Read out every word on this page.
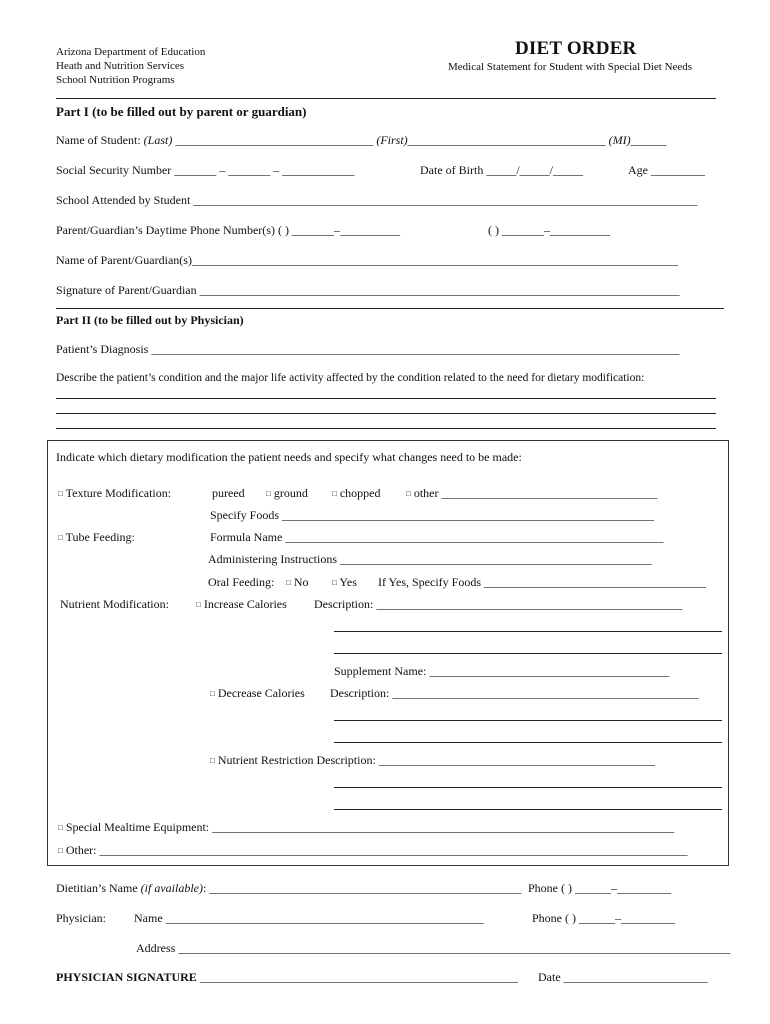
Arizona Department of Education
Heath and Nutrition Services
School Nutrition Programs
DIET ORDER
Medical Statement for Student with Special Diet Needs
Part I (to be filled out by parent or guardian)
Name of Student: (Last) _________________________________ (First)_________________________________ (MI)______
Social Security Number _______ – _______ – ____________	Date of Birth _____/_____/_____	Age _________
School Attended by Student ____________________________________________________________________________________
Parent/Guardian’s Daytime Phone Number(s) ( ) _______–__________	( ) _______–__________
Name of Parent/Guardian(s)_________________________________________________________________________________
Signature of Parent/Guardian ________________________________________________________________________________
Part II (to be filled out by Physician)
Patient’s Diagnosis ________________________________________________________________________________________
Describe the patient’s condition and the major life activity affected by the condition related to the need for dietary modification:
Indicate which dietary modification the patient needs and specify what changes need to be made:
□ Texture Modification:	pureed	□ ground	□ chopped	□ other ____________________________________
Specify Foods ______________________________________________________________
□ Tube Feeding:	Formula Name _______________________________________________________________
Administering Instructions ____________________________________________________
Oral Feeding: □ No	□ Yes If Yes, Specify Foods _____________________________________
Nutrient Modification:	□ Increase Calories Description: ___________________________________________________
Supplement Name: ________________________________________
□ Decrease Calories Description: ___________________________________________________
□ Nutrient Restriction Description: ______________________________________________
□ Special Mealtime Equipment: _____________________________________________________________________________
□ Other: __________________________________________________________________________________________________
Dietitian’s Name (if available): ____________________________________________________ Phone ( ) ______–_________
Physician: Name _____________________________________________________	Phone ( ) ______–_________
Address ____________________________________________________________________________________________
PHYSICIAN SIGNATURE _____________________________________________________ Date ________________________
